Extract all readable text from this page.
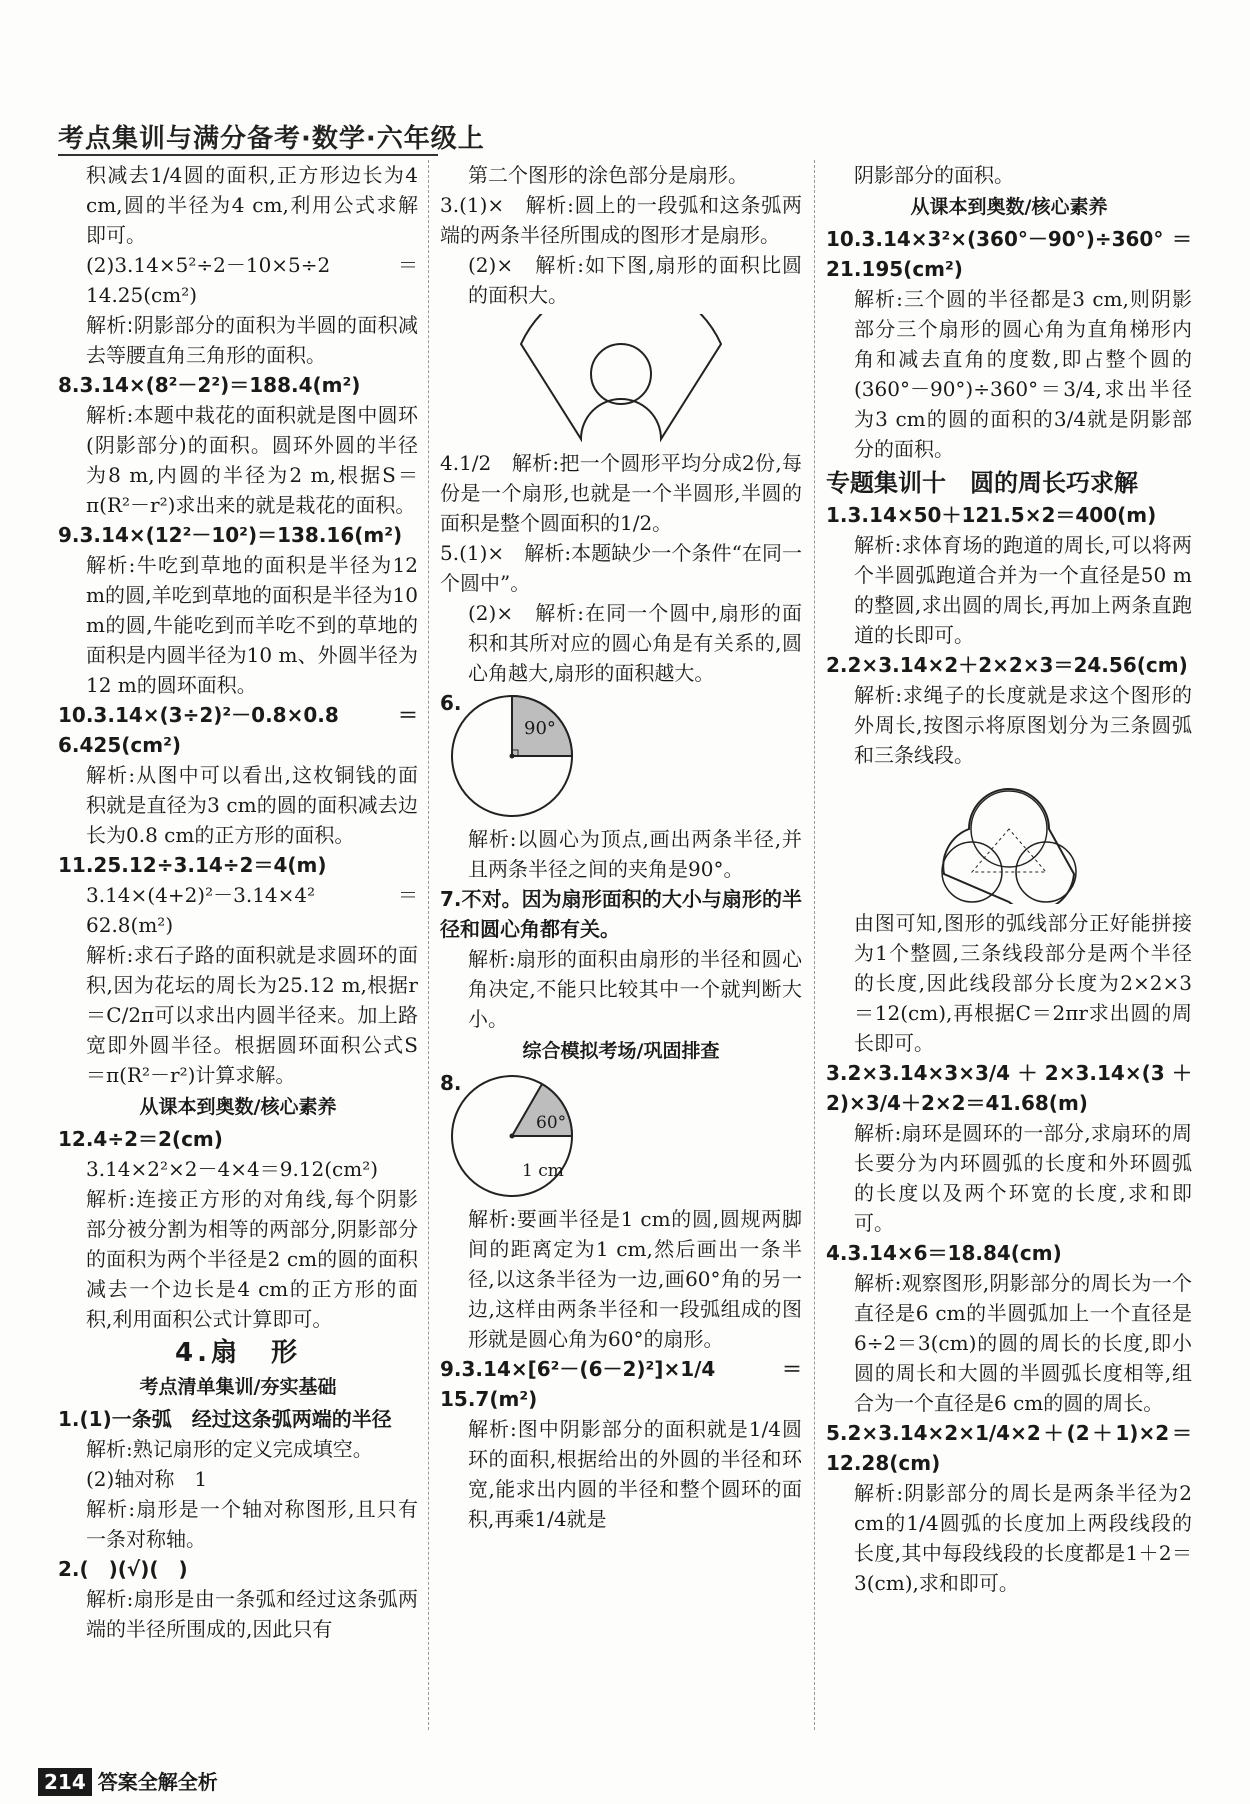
考点集训与满分备考·数学·六年级上

积减去1/4圆的面积,正方形边长为4 cm,圆的半径为4 cm,利用公式求解即可。

(2)3.14×5²÷2－10×5÷2＝14.25(cm²)

解析:阴影部分的面积为半圆的面积减去等腰直角三角形的面积。

8.3.14×(8²－2²)＝188.4(m²)

解析:本题中栽花的面积就是图中圆环(阴影部分)的面积。圆环外圆的半径为8 m,内圆的半径为2 m,根据S＝π(R²－r²)求出来的就是栽花的面积。

9.3.14×(12²－10²)＝138.16(m²)

解析:牛吃到草地的面积是半径为12 m的圆,羊吃到草地的面积是半径为10 m的圆,牛能吃到而羊吃不到的草地的面积是内圆半径为10 m、外圆半径为12 m的圆环面积。

10.3.14×(3÷2)²－0.8×0.8＝6.425(cm²)

解析:从图中可以看出,这枚铜钱的面积就是直径为3 cm的圆的面积减去边长为0.8 cm的正方形的面积。

11.25.12÷3.14÷2＝4(m)

3.14×(4+2)²－3.14×4²＝62.8(m²)

解析:求石子路的面积就是求圆环的面积,因为花坛的周长为25.12 m,根据r＝C/2π可以求出内圆半径来。加上路宽即外圆半径。根据圆环面积公式S＝π(R²－r²)计算求解。

从课本到奥数/核心素养

12.4÷2＝2(cm)

3.14×2²×2－4×4＝9.12(cm²)

解析:连接正方形的对角线,每个阴影部分被分割为相等的两部分,阴影部分的面积为两个半径是2 cm的圆的面积减去一个边长是4 cm的正方形的面积,利用面积公式计算即可。

4.扇　形
考点清单集训/夯实基础

1.(1)一条弧　经过这条弧两端的半径

解析:熟记扇形的定义完成填空。

(2)轴对称　1

解析:扇形是一个轴对称图形,且只有一条对称轴。

2.(　)(√)(　)

解析:扇形是由一条弧和经过这条弧两端的半径所围成的,因此只有

第二个图形的涂色部分是扇形。

3.(1)×　解析:圆上的一段弧和这条弧两端的两条半径所围成的图形才是扇形。

(2)×　解析:如下图,扇形的面积比圆的面积大。

4.1/2　解析:把一个圆形平均分成2份,每份是一个扇形,也就是一个半圆形,半圆的面积是整个圆面积的1/2。

5.(1)×　解析:本题缺少一个条件“在同一个圆中”。

(2)×　解析:在同一个圆中,扇形的面积和其所对应的圆心角是有关系的,圆心角越大,扇形的面积越大。

6.

90°

解析:以圆心为顶点,画出两条半径,并且两条半径之间的夹角是90°。

7.不对。因为扇形面积的大小与扇形的半径和圆心角都有关。

解析:扇形的面积由扇形的半径和圆心角决定,不能只比较其中一个就判断大小。

综合模拟考场/巩固排查

8.

60°
1 cm

解析:要画半径是1 cm的圆,圆规两脚间的距离定为1 cm,然后画出一条半径,以这条半径为一边,画60°角的另一边,这样由两条半径和一段弧组成的图形就是圆心角为60°的扇形。

9.3.14×[6²－(6－2)²]×1/4＝15.7(m²)

解析:图中阴影部分的面积就是1/4圆环的面积,根据给出的外圆的半径和环宽,能求出内圆的半径和整个圆环的面积,再乘1/4就是

阴影部分的面积。

从课本到奥数/核心素养

10.3.14×3²×(360°－90°)÷360°＝21.195(cm²)

解析:三个圆的半径都是3 cm,则阴影部分三个扇形的圆心角为直角梯形内角和减去直角的度数,即占整个圆的(360°－90°)÷360°＝3/4,求出半径为3 cm的圆的面积的3/4就是阴影部分的面积。

专题集训十　圆的周长巧求解

1.3.14×50＋121.5×2＝400(m)

解析:求体育场的跑道的周长,可以将两个半圆弧跑道合并为一个直径是50 m的整圆,求出圆的周长,再加上两条直跑道的长即可。

2.2×3.14×2＋2×2×3＝24.56(cm)

解析:求绳子的长度就是求这个图形的外周长,按图示将原图划分为三条圆弧和三条线段。

由图可知,图形的弧线部分正好能拼接为1个整圆,三条线段部分是两个半径的长度,因此线段部分长度为2×2×3＝12(cm),再根据C＝2πr求出圆的周长即可。

3.2×3.14×3×3/4＋2×3.14×(3＋2)×3/4＋2×2＝41.68(m)

解析:扇环是圆环的一部分,求扇环的周长要分为内环圆弧的长度和外环圆弧的长度以及两个环宽的长度,求和即可。

4.3.14×6＝18.84(cm)

解析:观察图形,阴影部分的周长为一个直径是6 cm的半圆弧加上一个直径是6÷2＝3(cm)的圆的周长的长度,即小圆的周长和大圆的半圆弧长度相等,组合为一个直径是6 cm的圆的周长。

5.2×3.14×2×1/4×2＋(2＋1)×2＝12.28(cm)

解析:阴影部分的周长是两条半径为2 cm的1/4圆弧的长度加上两段线段的长度,其中每段线段的长度都是1＋2＝3(cm),求和即可。

214 答案全解全析
